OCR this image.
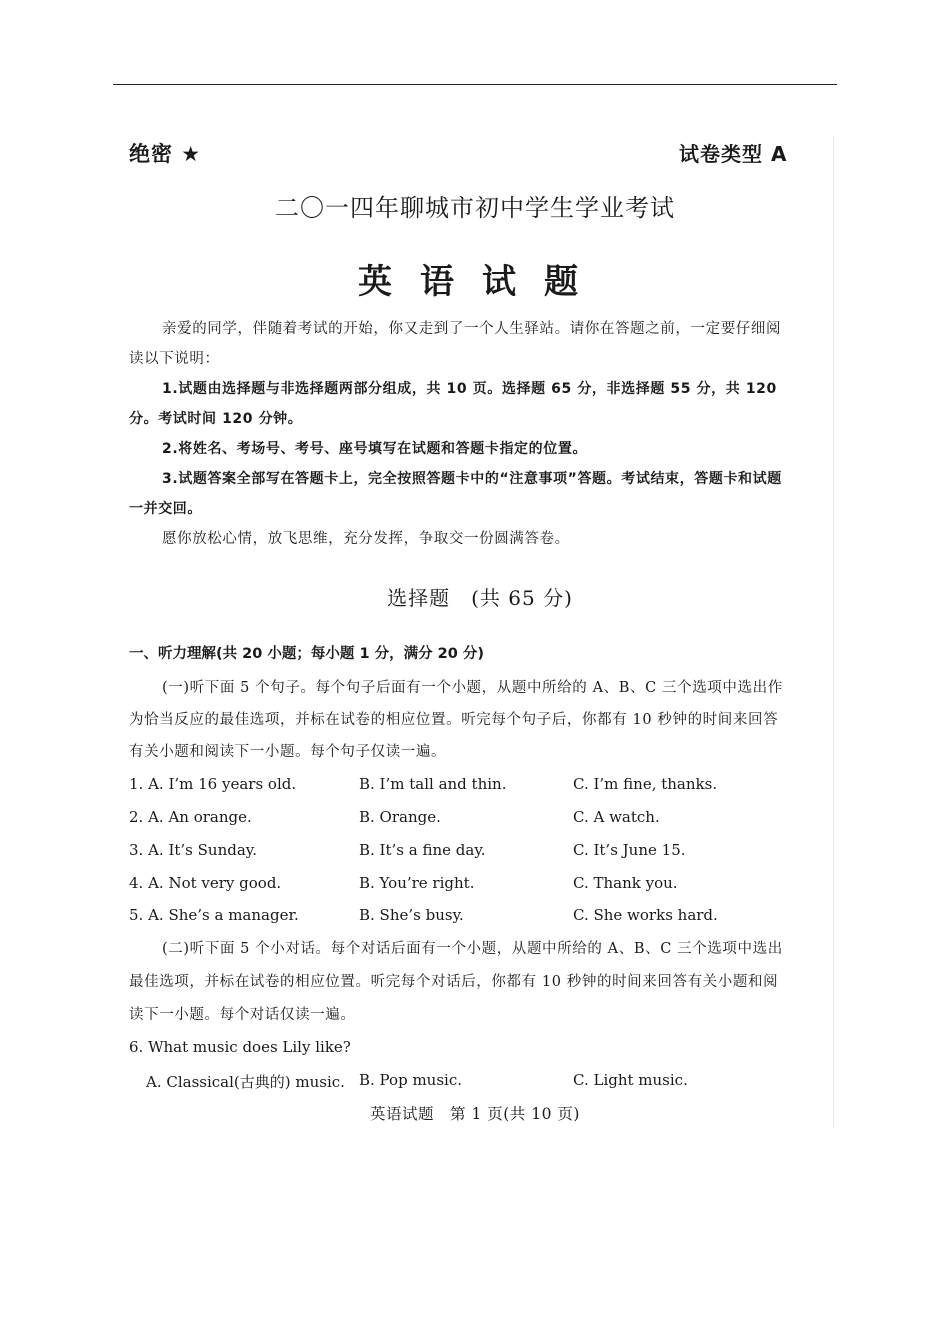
绝密 ★	试卷类型 A
二〇一四年聊城市初中学生学业考试
英语试题
亲爱的同学，伴随着考试的开始，你又走到了一个人生驿站。请你在答题之前，一定要仔细阅读以下说明：
1.试题由选择题与非选择题两部分组成，共 10 页。选择题 65 分，非选择题 55 分，共 120 分。考试时间 120 分钟。
2.将姓名、考场号、考号、座号填写在试题和答题卡指定的位置。
3.试题答案全部写在答题卡上，完全按照答题卡中的“注意事项”答题。考试结束，答题卡和试题一并交回。
愿你放松心情，放飞思维，充分发挥，争取交一份圆满答卷。
选择题　(共 65 分)
一、听力理解(共 20 小题；每小题 1 分，满分 20 分)
(一)听下面 5 个句子。每个句子后面有一个小题，从题中所给的 A、B、C 三个选项中选出作为恰当反应的最佳选项，并标在试卷的相应位置。听完每个句子后，你都有 10 秒钟的时间来回答有关小题和阅读下一小题。每个句子仅读一遍。
1. A. I’m 16 years old.	B. I’m tall and thin.	C. I’m fine, thanks.
2. A. An orange.	B. Orange.	C. A watch.
3. A. It’s Sunday.	B. It’s a fine day.	C. It’s June 15.
4. A. Not very good.	B. You’re right.	C. Thank you.
5. A. She’s a manager.	B. She’s busy.	C. She works hard.
(二)听下面 5 个小对话。每个对话后面有一个小题，从题中所给的 A、B、C 三个选项中选出最佳选项，并标在试卷的相应位置。听完每个对话后，你都有 10 秒钟的时间来回答有关小题和阅读下一小题。每个对话仅读一遍。
6. What music does Lily like?
A. Classical(古典的) music. B. Pop music.	C. Light music.
英语试题　第 1 页(共 10 页)
